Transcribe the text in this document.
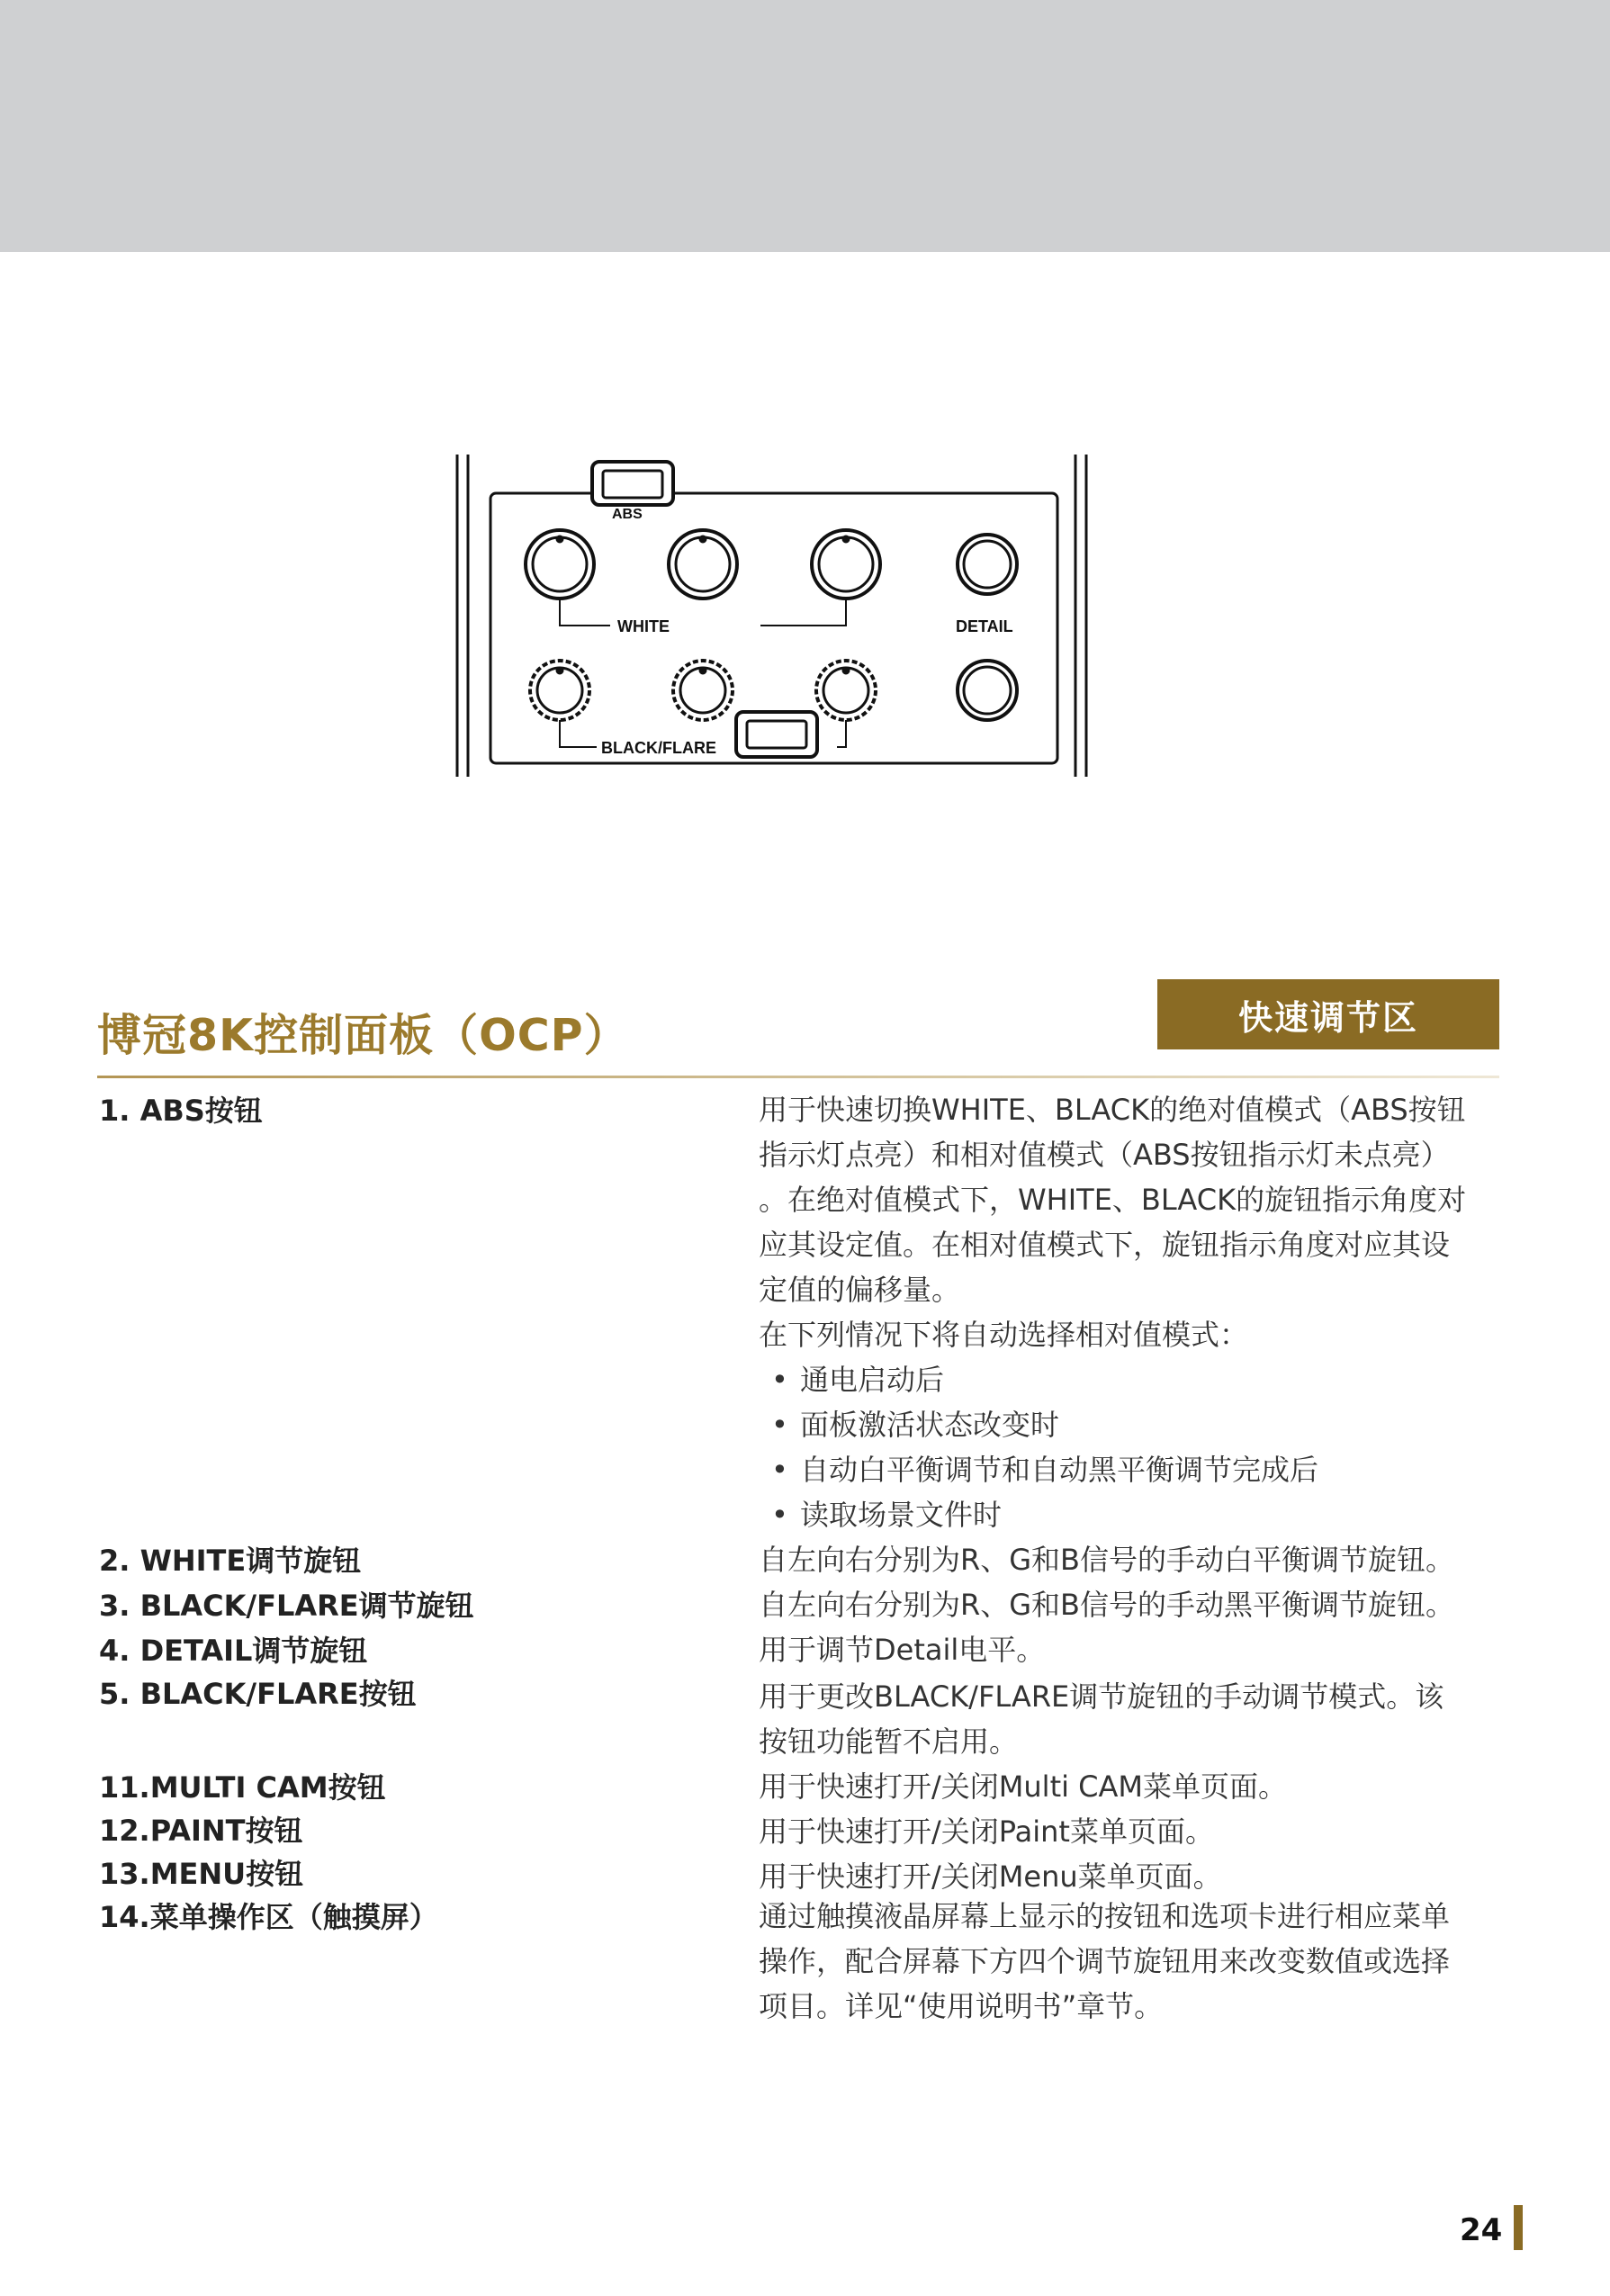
ABS
WHITE	DETAIL
BLACK/FLARE
博冠8K控制面板（OCP）	快速调节区
1. ABS按钮
2. WHITE调节旋钮
3. BLACK/FLARE调节旋钮
4. DETAIL调节旋钮
5. BLACK/FLARE按钮
11.MULTI CAM按钮
12.PAINT按钮
13.MENU按钮
14.菜单操作区（触摸屏）

用于快速切换WHITE、BLACK的绝对值模式（ABS按钮

指示灯点亮）和相对值模式（ABS按钮指示灯未点亮）

。在绝对值模式下，WHITE、BLACK的旋钮指示角度对

应其设定值。在相对值模式下，旋钮指示角度对应其设

定值的偏移量。

在下列情况下将自动选择相对值模式：

• 通电启动后

• 面板激活状态改变时

• 自动白平衡调节和自动黑平衡调节完成后

• 读取场景文件时

自左向右分别为R、G和B信号的手动白平衡调节旋钮。
自左向右分别为R、G和B信号的手动黑平衡调节旋钮。
用于调节Detail电平。

用于更改BLACK/FLARE调节旋钮的手动调节模式。该

按钮功能暂不启用。

用于快速打开/关闭Multi CAM菜单页面。
用于快速打开/关闭Paint菜单页面。
用于快速打开/关闭Menu菜单页面。

通过触摸液晶屏幕上显示的按钮和选项卡进行相应菜单

操作，配合屏幕下方四个调节旋钮用来改变数值或选择

项目。详见“使用说明书”章节。

24
